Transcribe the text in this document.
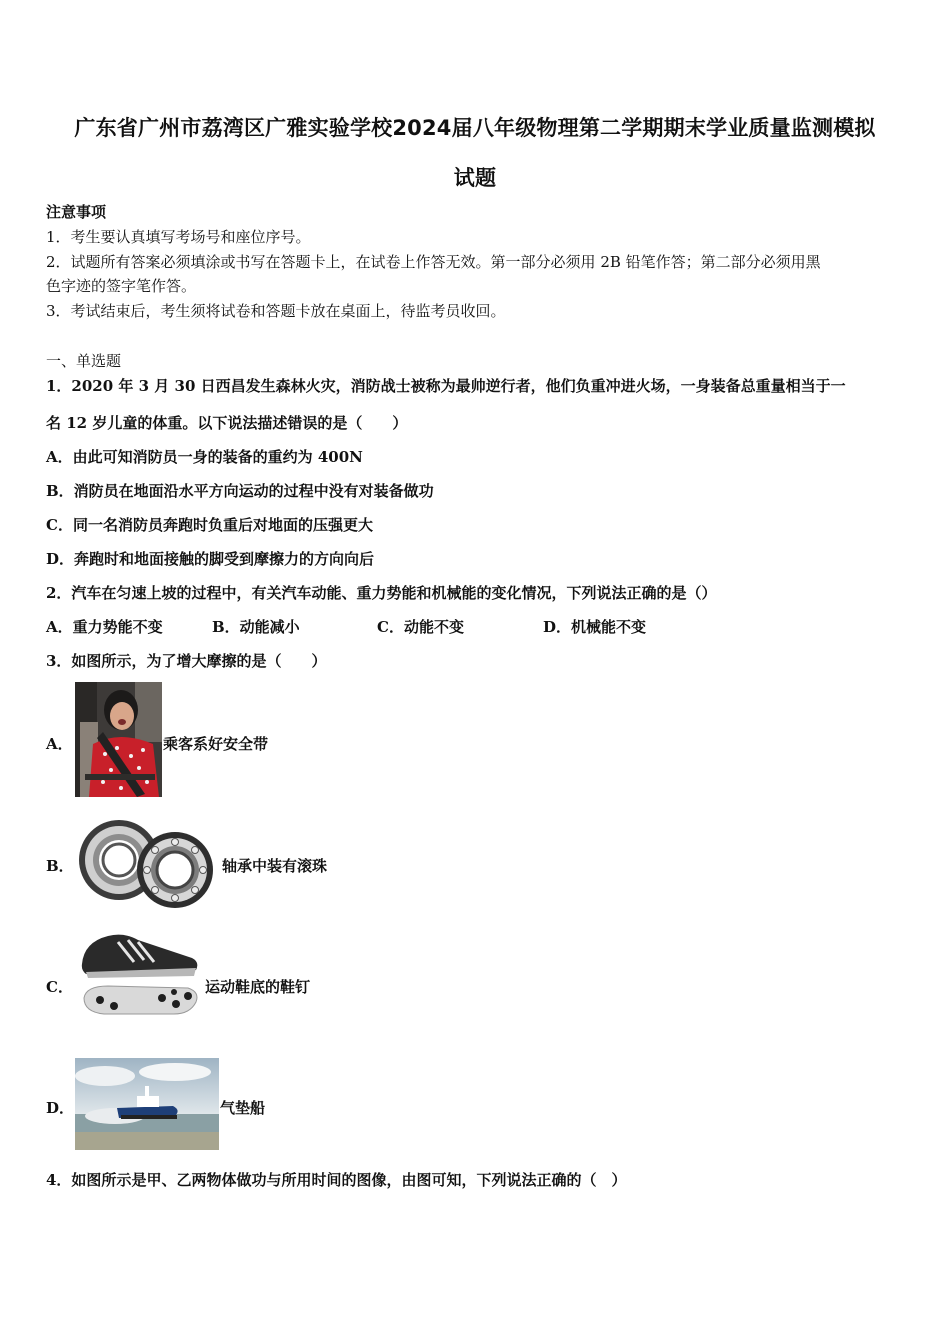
广东省广州市荔湾区广雅实验学校2024届八年级物理第二学期期末学业质量监测模拟
试题
注意事项
1．考生要认真填写考场号和座位序号。
2．试题所有答案必须填涂或书写在答题卡上，在试卷上作答无效。第一部分必须用 2B 铅笔作答；第二部分必须用黑
色字迹的签字笔作答。
3．考试结束后，考生须将试卷和答题卡放在桌面上，待监考员收回。
一、单选题
1．2020 年 3 月 30 日西昌发生森林火灾，消防战士被称为最帅逆行者，他们负重冲进火场，一身装备总重量相当于一
名 12 岁儿童的体重。以下说法描述错误的是（　　）
A．由此可知消防员一身的装备的重约为 400N
B．消防员在地面沿水平方向运动的过程中没有对装备做功
C．同一名消防员奔跑时负重后对地面的压强更大
D．奔跑时和地面接触的脚受到摩擦力的方向向后
2．汽车在匀速上坡的过程中，有关汽车动能、重力势能和机械能的变化情况，下列说法正确的是（）
A．重力势能不变	B．动能减小	C．动能不变	D．机械能不变
3．如图所示，为了增大摩擦的是（　　）
A．	乘客系好安全带
B．	轴承中装有滚珠
C．	运动鞋底的鞋钉
D．	气垫船
4．如图所示是甲、乙两物体做功与所用时间的图像，由图可知，下列说法正确的（　）
